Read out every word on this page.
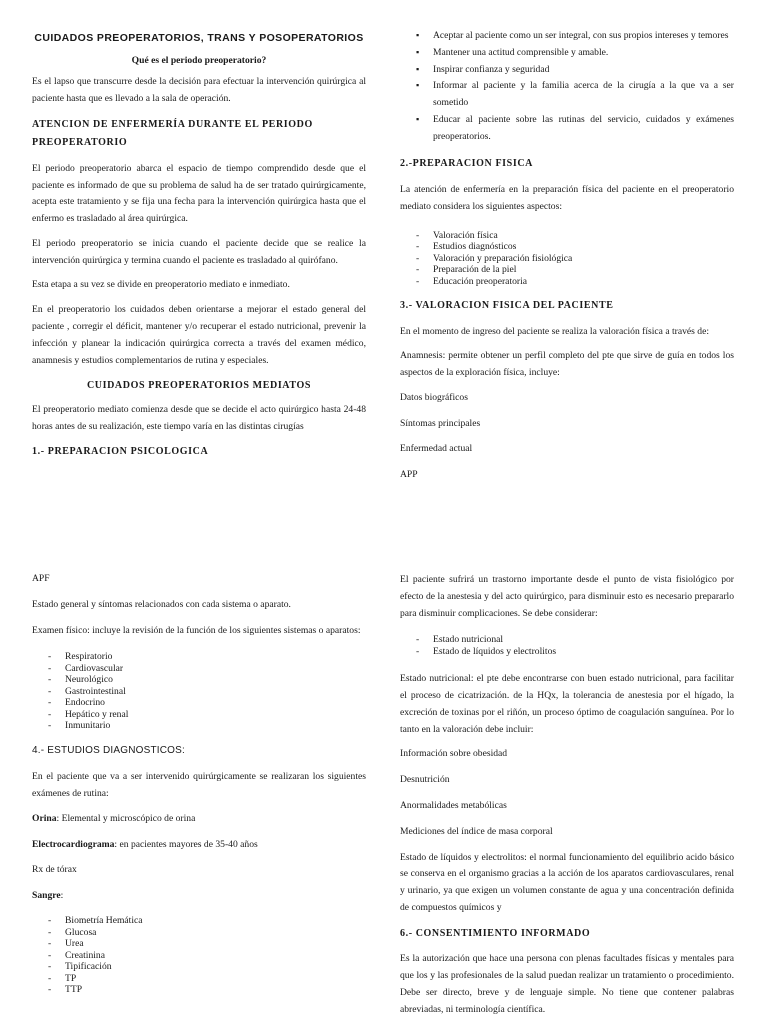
CUIDADOS PREOPERATORIOS, TRANS Y POSOPERATORIOS
Qué es el periodo preoperatorio?

Es el lapso que transcurre desde la decisión para efectuar la intervención quirúrgica al paciente hasta que es llevado a la sala de operación.

ATENCION DE ENFERMERÍA DURANTE EL PERIODO PREOPERATORIO

El periodo preoperatorio abarca el espacio de tiempo comprendido desde que el paciente es informado de que su problema de salud ha de ser tratado quirúrgicamente, acepta este tratamiento y se fija una fecha para la intervención quirúrgica hasta que el enfermo es trasladado al área quirúrgica.

El periodo preoperatorio se inicia cuando el paciente decide que se realice la intervención quirúrgica y termina cuando el paciente es trasladado al quirófano.

Esta etapa a su vez se divide en preoperatorio mediato e inmediato.

En el preoperatorio los cuidados deben orientarse a mejorar el estado general del paciente , corregir el déficit, mantener y/o recuperar el estado nutricional, prevenir la infección y planear la indicación quirúrgica correcta a través del examen médico, anamnesis y estudios complementarios de rutina y especiales.

CUIDADOS PREOPERATORIOS MEDIATOS

El preoperatorio mediato comienza desde que se decide el acto quirúrgico hasta 24-48 horas antes de su realización, este tiempo varía en las distintas cirugías

1.- PREPARACION PSICOLOGICA
▪ Aceptar al paciente como un ser integral, con sus propios intereses y temores
▪ Mantener una actitud comprensible y amable.
▪ Inspirar confianza y seguridad
▪ Informar al paciente y la familia acerca de la cirugía a la que va a ser sometido
▪ Educar al paciente sobre las rutinas del servicio, cuidados y exámenes preoperatorios.
2.-PREPARACION FISICA

La atención de enfermería en la preparación física del paciente en el preoperatorio mediato considera los siguientes aspectos:

- Valoración física
- Estudios diagnósticos
- Valoración y preparación fisiológica
- Preparación de la piel
- Educación preoperatoria
3.- VALORACION FISICA DEL PACIENTE

En el momento de ingreso del paciente se realiza la valoración física a través de:

Anamnesis: permite obtener un perfil completo del pte que sirve de guía en todos los aspectos de la exploración física, incluye:

Datos biográficos

Síntomas principales

Enfermedad actual

APP

APF

Estado general y síntomas relacionados con cada sistema o aparato.

Examen físico: incluye la revisión de la función de los siguientes sistemas o aparatos:

- Respiratorio
- Cardiovascular
- Neurológico
- Gastrointestinal
- Endocrino
- Hepático y renal
- Inmunitario
4.- ESTUDIOS DIAGNOSTICOS:

En el paciente que va a ser intervenido quirúrgicamente se realizaran los siguientes exámenes de rutina:

Orina: Elemental y microscópico de orina

Electrocardiograma: en pacientes mayores de 35-40 años

Rx de tórax

Sangre:

- Biometría Hemática
- Glucosa
- Urea
- Creatinina
- Tipificación
- TP
- TTP

El paciente sufrirá un trastorno importante desde el punto de vista fisiológico por efecto de la anestesia y del acto quirúrgico, para disminuir esto es necesario prepararlo para disminuir complicaciones. Se debe considerar:

- Estado nutricional
- Estado de líquidos y electrolitos

Estado nutricional: el pte debe encontrarse con buen estado nutricional, para facilitar el proceso de cicatrización. de la HQx, la tolerancia de anestesia por el hígado, la excreción de toxinas por el riñón, un proceso óptimo de coagulación sanguínea. Por lo tanto en la valoración debe incluir:

Información sobre obesidad

Desnutrición

Anormalidades metabólicas

Mediciones del índice de masa corporal

Estado de líquidos y electrolitos: el normal funcionamiento del equilibrio acido básico se conserva en el organismo gracias a la acción de los aparatos cardiovasculares, renal y urinario, ya que exigen un volumen constante de agua y una concentración definida de compuestos químicos y

6.- CONSENTIMIENTO INFORMADO

Es la autorización que hace una persona con plenas facultades físicas y mentales para que los y las profesionales de la salud puedan realizar un tratamiento o procedimiento. Debe ser directo, breve y de lenguaje simple. No tiene que contener palabras abreviadas, ni terminología científica.
